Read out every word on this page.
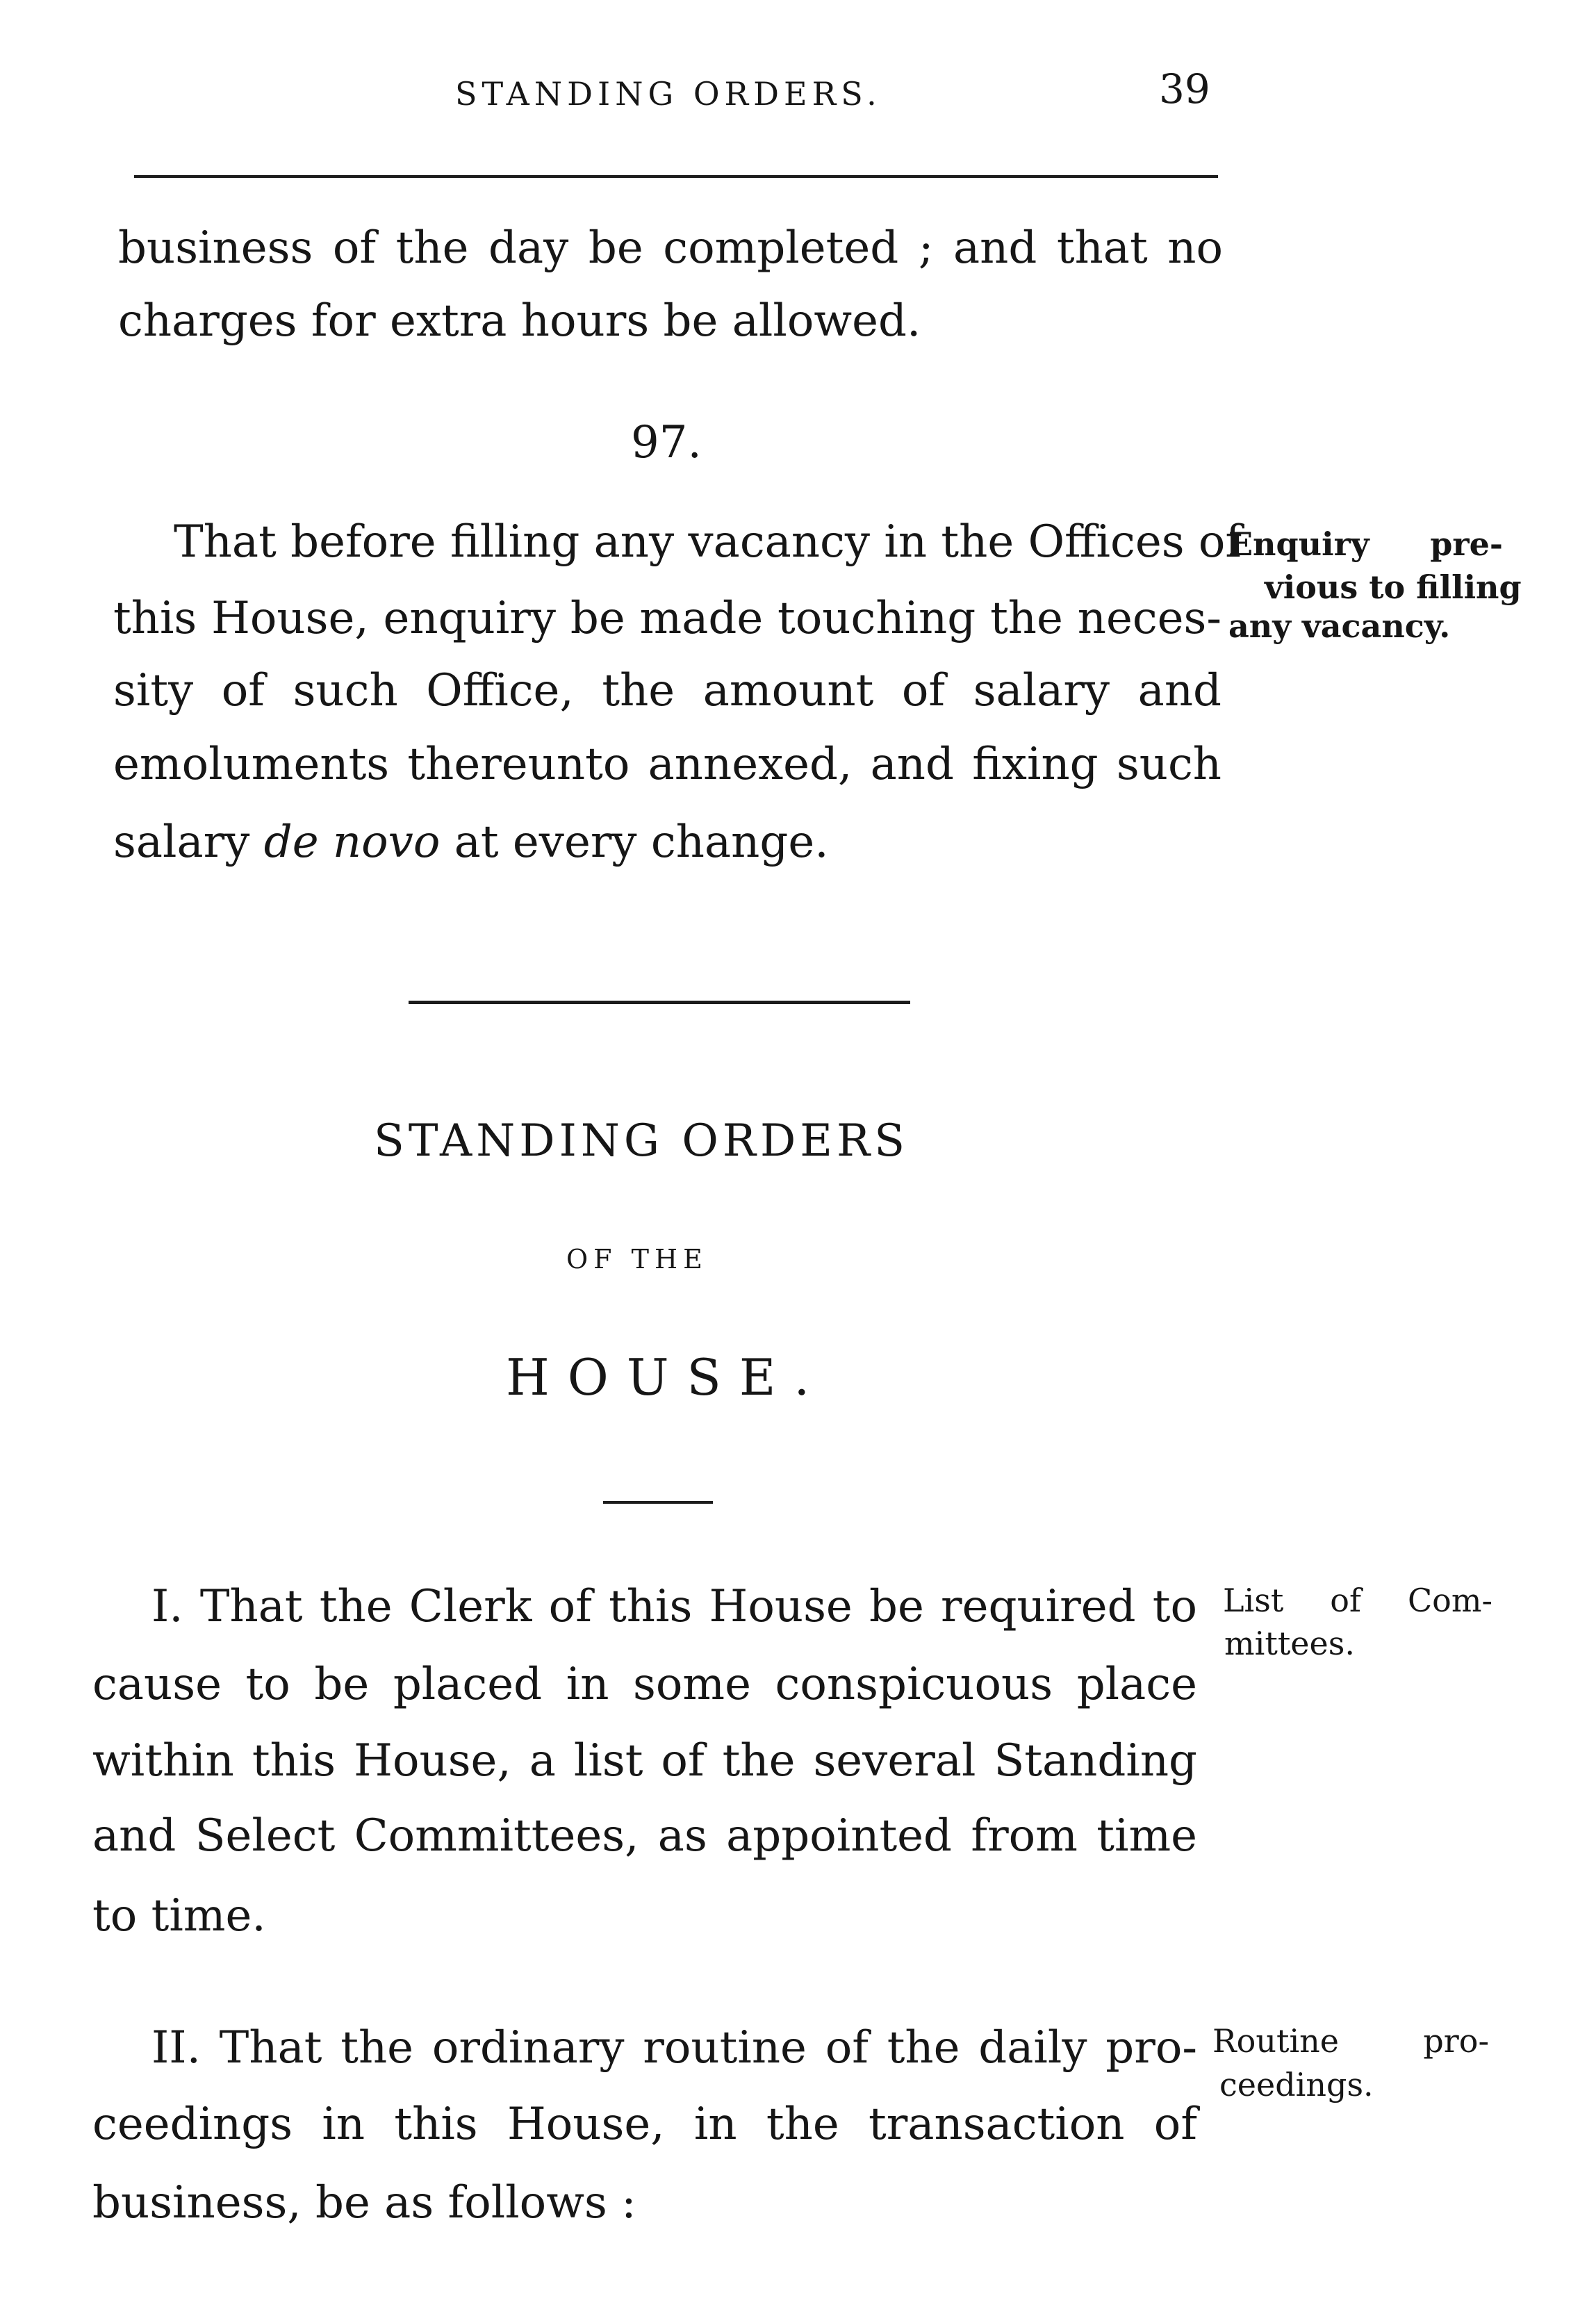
STANDING ORDERS.	39
business of the day be completed ; and that no
charges for extra hours be allowed.
97.
That before filling any vacancy in the Offices of
this House, enquiry be made touching the neces-
sity of such Office, the amount of salary and
emoluments thereunto annexed, and fixing such
salary de novo at every change.
Enquiry pre-
vious to filling
any vacancy.
STANDING ORDERS
OF THE
HOUSE.
I. That the Clerk of this House be required to
cause to be placed in some conspicuous place
within this House, a list of the several Standing
and Select Committees, as appointed from time
to time.
List of Com-
mittees.
II. That the ordinary routine of the daily pro-
ceedings in this House, in the transaction of
business, be as follows :
Routine pro-
ceedings.
